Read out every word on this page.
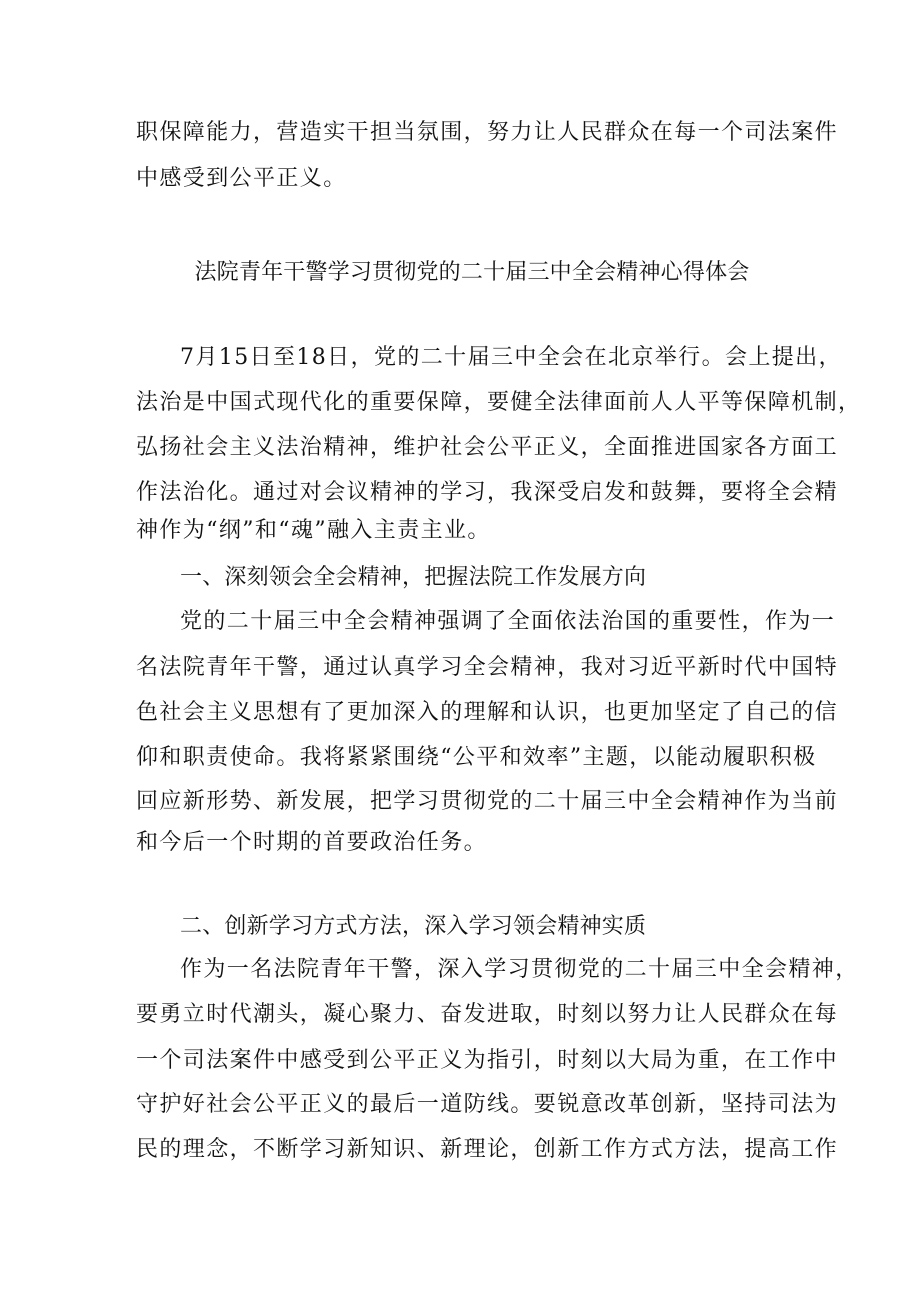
职保障能力，营造实干担当氛围，努力让人民群众在每一个司法案件
中感受到公平正义。
法院青年干警学习贯彻党的二十届三中全会精神心得体会
7月15日至18日，党的二十届三中全会在北京举行。会上提出，
法治是中国式现代化的重要保障，要健全法律面前人人平等保障机制，
弘扬社会主义法治精神，维护社会公平正义，全面推进国家各方面工
作法治化。通过对会议精神的学习，我深受启发和鼓舞，要将全会精
神作为“纲”和“魂”融入主责主业。
一、深刻领会全会精神，把握法院工作发展方向
党的二十届三中全会精神强调了全面依法治国的重要性，作为一
名法院青年干警，通过认真学习全会精神，我对习近平新时代中国特
色社会主义思想有了更加深入的理解和认识，也更加坚定了自己的信
仰和职责使命。我将紧紧围绕“公平和效率”主题，以能动履职积极
回应新形势、新发展，把学习贯彻党的二十届三中全会精神作为当前
和今后一个时期的首要政治任务。
二、创新学习方式方法，深入学习领会精神实质
作为一名法院青年干警，深入学习贯彻党的二十届三中全会精神，
要勇立时代潮头，凝心聚力、奋发进取，时刻以努力让人民群众在每
一个司法案件中感受到公平正义为指引，时刻以大局为重，在工作中
守护好社会公平正义的最后一道防线。要锐意改革创新，坚持司法为
民的理念，不断学习新知识、新理论，创新工作方式方法，提高工作
